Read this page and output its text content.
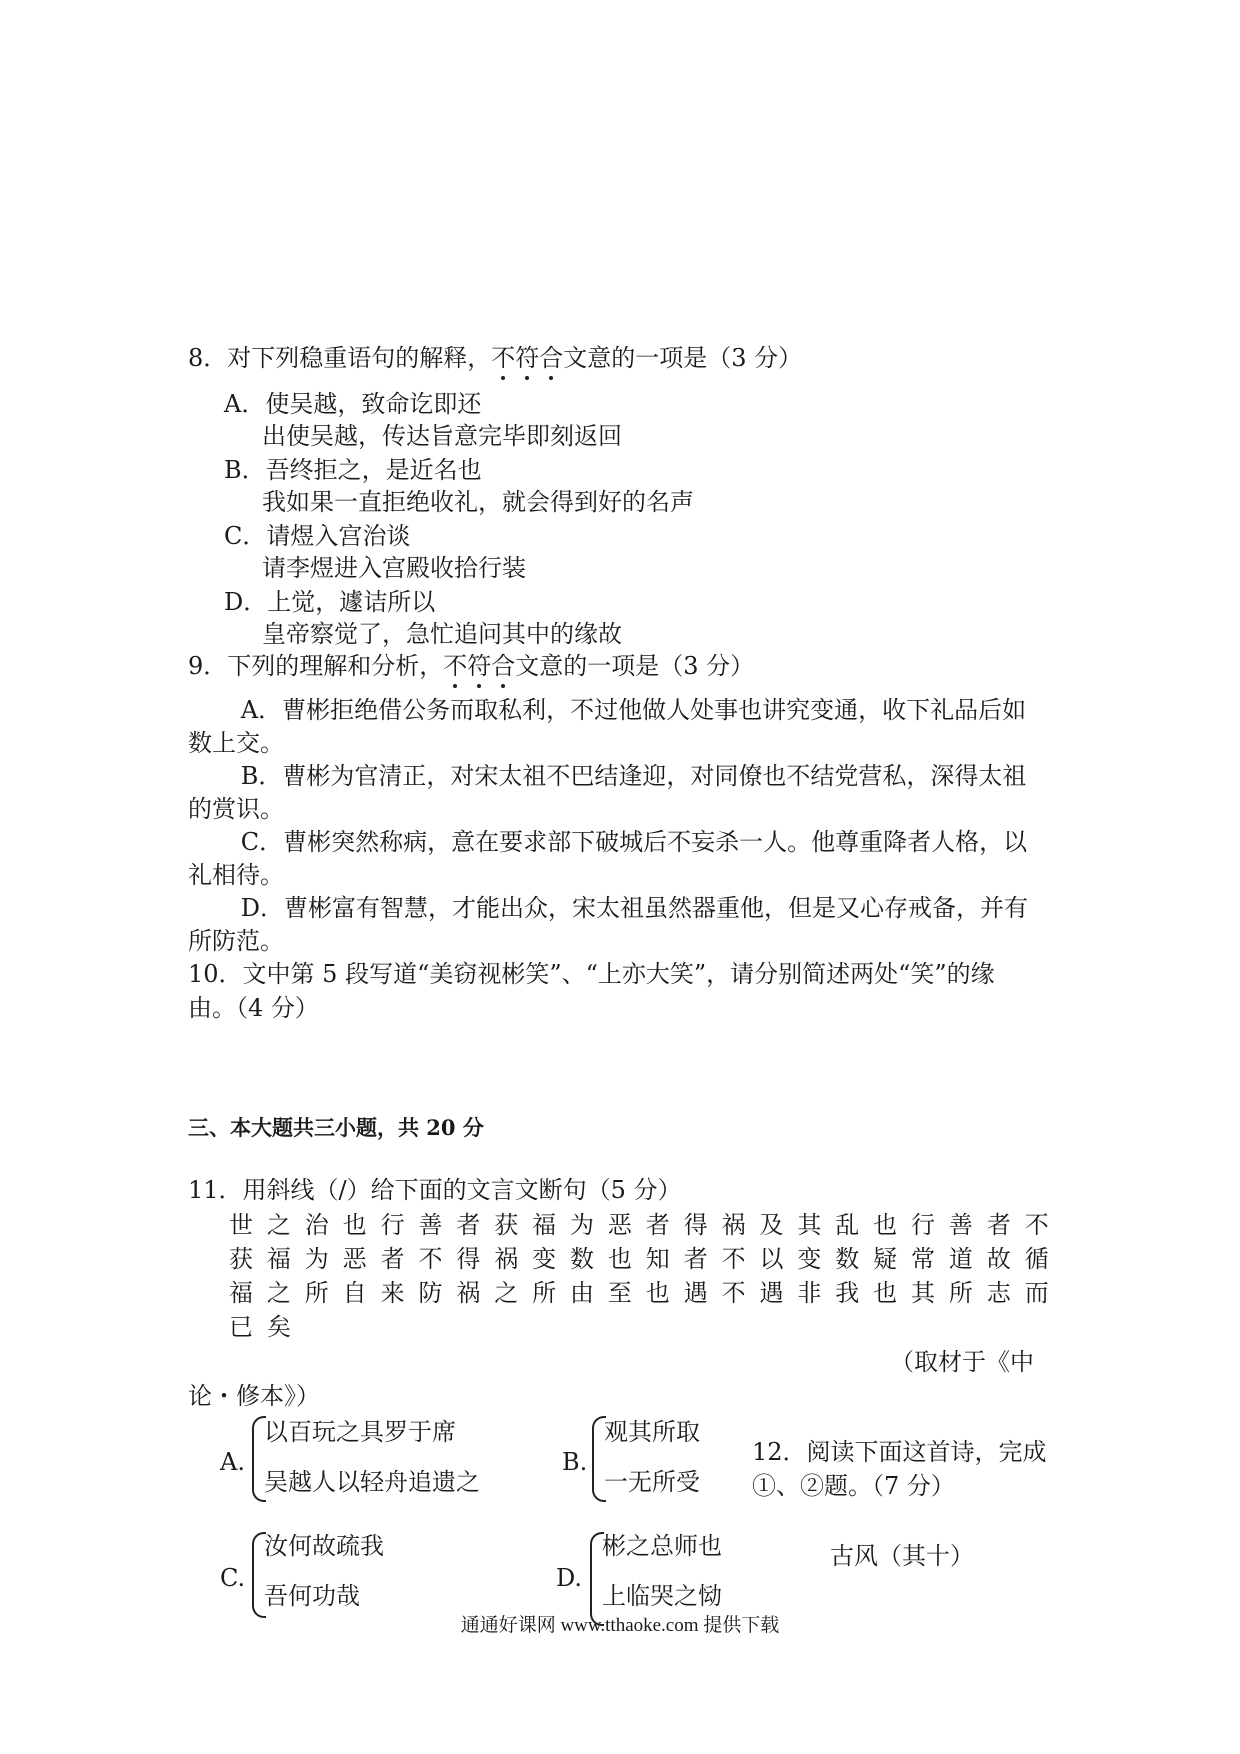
8．对下列稳重语句的解释，不符合文意的一项是（3 分）
A．使吴越，致命讫即还
出使吴越，传达旨意完毕即刻返回
B．吾终拒之，是近名也
我如果一直拒绝收礼，就会得到好的名声
C．请煜入宫治谈
请李煜进入宫殿收拾行装
D．上觉，遽诘所以
皇帝察觉了，急忙追问其中的缘故
9．下列的理解和分析，不符合文意的一项是（3 分）
A．曹彬拒绝借公务而取私利，不过他做人处事也讲究变通，收下礼品后如数上交。
B．曹彬为官清正，对宋太祖不巴结逢迎，对同僚也不结党营私，深得太祖的赏识。
C．曹彬突然称病，意在要求部下破城后不妄杀一人。他尊重降者人格，以礼相待。
D．曹彬富有智慧，才能出众，宋太祖虽然器重他，但是又心存戒备，并有所防范。
10．文中第 5 段写道“美窃视彬笑”、“上亦大笑”，请分别简述两处“笑”的缘
由。（4 分）
三、本大题共三小题，共 20 分
11．用斜线（/）给下面的文言文断句（5 分）
世 之 治 也 行 善 者 获 福 为 恶 者 得 祸 及 其 乱 也 行 善 者 不
获 福 为 恶 者 不 得 祸 变 数 也 知 者 不 以 变 数 疑 常 道 故 循
福 之 所 自 来 防 祸 之 所 由 至 也 遇 不 遇 非 我 也 其 所 志 而
已 矣
（取材于《中
论・修本》）
A.
以百玩之具罗于席
吴越人以轻舟追遗之
B.
观其所取
一无所受
12．阅读下面这首诗，完成
①、②题。（7 分）
C.
汝何故疏我
吾何功哉
D.
彬之总师也
上临哭之恸
古风（其十）
通通好课网 www.tthaoke.com 提供下载
